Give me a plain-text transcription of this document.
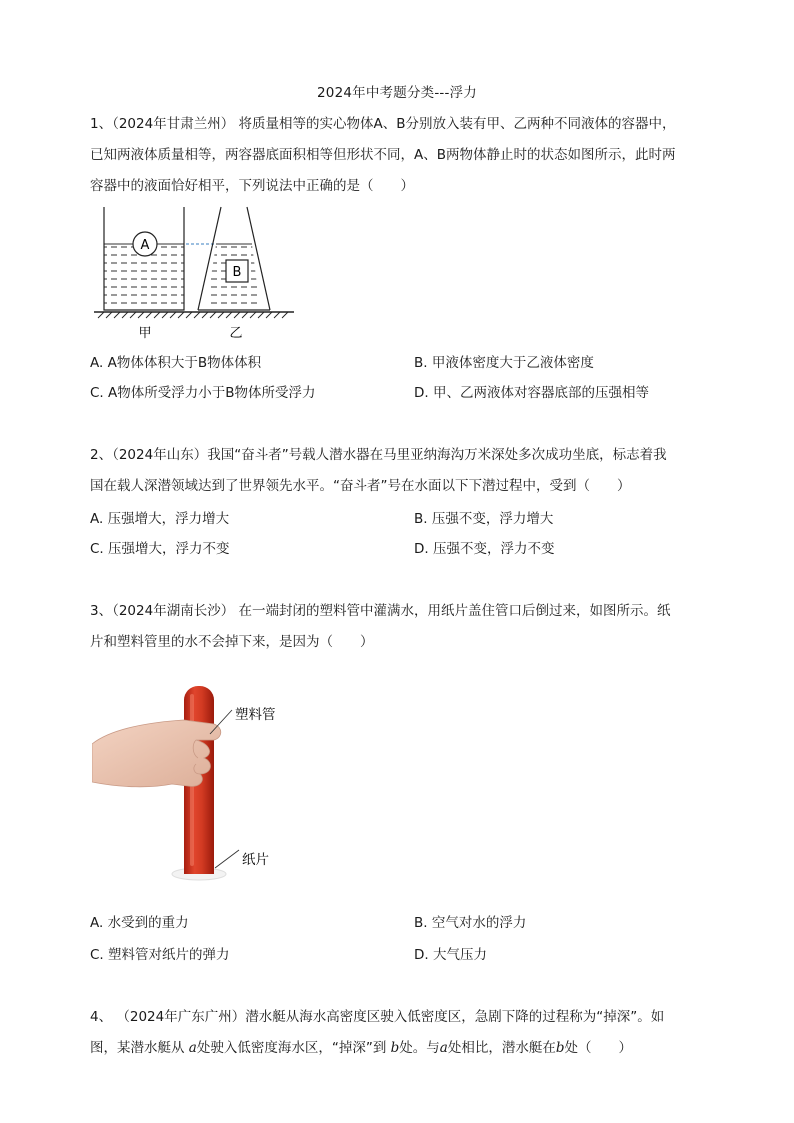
2024年中考题分类---浮力
1、（2024年甘肃兰州） 将质量相等的实心物体A、B分别放入装有甲、乙两种不同液体的容器中，
已知两液体质量相等，两容器底面积相等但形状不同，A、B两物体静止时的状态如图所示，此时两
容器中的液面恰好相平，下列说法中正确的是（　　）
A
B
甲	乙
A. A物体体积大于B物体体积	B. 甲液体密度大于乙液体密度
C. A物体所受浮力小于B物体所受浮力	D. 甲、乙两液体对容器底部的压强相等
2、（2024年山东）我国“奋斗者”号载人潜水器在马里亚纳海沟万米深处多次成功坐底，标志着我
国在载人深潜领域达到了世界领先水平。“奋斗者”号在水面以下下潜过程中，受到（　　）
A. 压强增大，浮力增大	B. 压强不变，浮力增大
C. 压强增大，浮力不变	D. 压强不变，浮力不变
3、（2024年湖南长沙） 在一端封闭的塑料管中灌满水，用纸片盖住管口后倒过来，如图所示。纸
片和塑料管里的水不会掉下来，是因为（　　）
塑料管
纸片
A. 水受到的重力	B. 空气对水的浮力
C. 塑料管对纸片的弹力	D. 大气压力
4、 （2024年广东广州）潜水艇从海水高密度区驶入低密度区，急剧下降的过程称为“掉深”。如
图，某潜水艇从 a处驶入低密度海水区，“掉深”到 b处。与a处相比，潜水艇在b处（　　）
